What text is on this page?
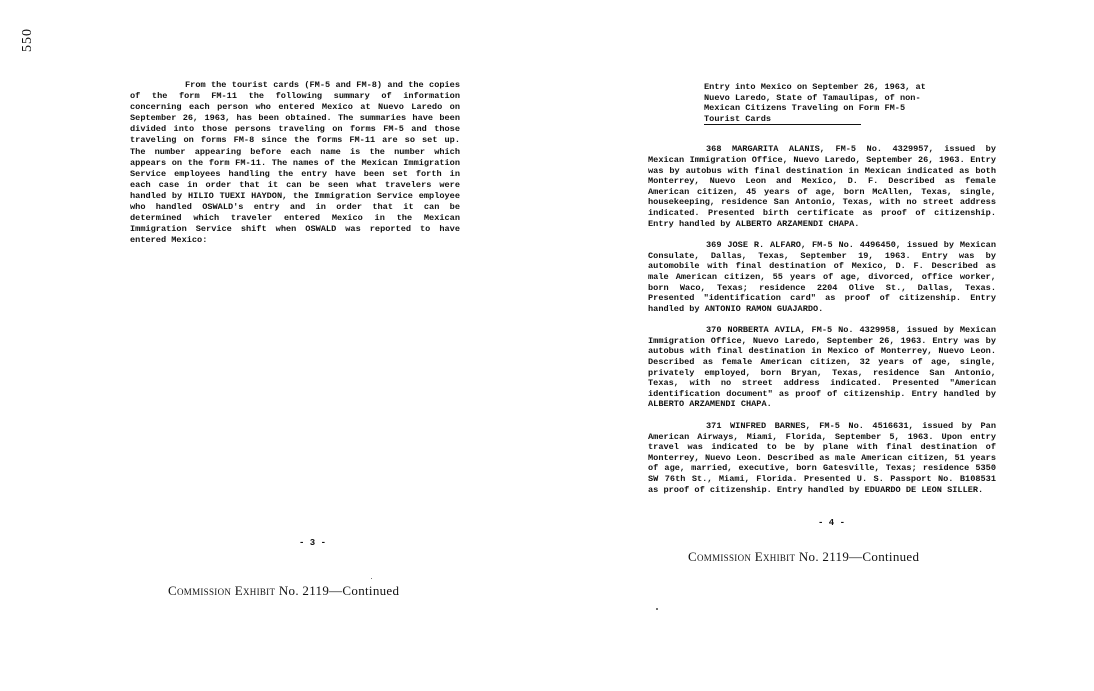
550

From the tourist cards (FM-5 and FM-8) and the copies of the form FM-11 the following summary of information concerning each person who entered Mexico at Nuevo Laredo on September 26, 1963, has been obtained. The summaries have been divided into those persons traveling on forms FM-5 and those traveling on forms FM-8 since the forms FM-11 are so set up. The number appearing before each name is the number which appears on the form FM-11. The names of the Mexican Immigration Service employees handling the entry have been set forth in each case in order that it can be seen what travelers were handled by HILIO TUEXI HAYDON, the Immigration Service employee who handled OSWALD's entry and in order that it can be determined which traveler entered Mexico in the Mexican Immigration Service shift when OSWALD was reported to have entered Mexico:

- 3 -
Commission Exhibit No. 2119—Continued
Entry into Mexico on September 26, 1963, at
Nuevo Laredo, State of Tamaulipas, of non-
Mexican Citizens Traveling on Form FM-5
Tourist Cards
368 MARGARITA ALANIS, FM-5 No. 4329957, issued by Mexican Immigration Office, Nuevo Laredo, September 26, 1963. Entry was by autobus with final destination in Mexican indicated as both Monterrey, Nuevo Leon and Mexico, D. F. Described as female American citizen, 45 years of age, born McAllen, Texas, single, housekeeping, residence San Antonio, Texas, with no street address indicated. Presented birth certificate as proof of citizenship. Entry handled by ALBERTO ARZAMENDI CHAPA.
369 JOSE R. ALFARO, FM-5 No. 4496450, issued by Mexican Consulate, Dallas, Texas, September 19, 1963. Entry was by automobile with final destination of Mexico, D. F. Described as male American citizen, 55 years of age, divorced, office worker, born Waco, Texas; residence 2204 Olive St., Dallas, Texas. Presented "identification card" as proof of citizenship. Entry handled by ANTONIO RAMON GUAJARDO.
370 NORBERTA AVILA, FM-5 No. 4329958, issued by Mexican Immigration Office, Nuevo Laredo, September 26, 1963. Entry was by autobus with final destination in Mexico of Monterrey, Nuevo Leon. Described as female American citizen, 32 years of age, single, privately employed, born Bryan, Texas, residence San Antonio, Texas, with no street address indicated. Presented "American identification document" as proof of citizenship. Entry handled by ALBERTO ARZAMENDI CHAPA.
371 WINFRED BARNES, FM-5 No. 4516631, issued by Pan American Airways, Miami, Florida, September 5, 1963. Upon entry travel was indicated to be by plane with final destination of Monterrey, Nuevo Leon. Described as male American citizen, 51 years of age, married, executive, born Gatesville, Texas; residence 5350 SW 76th St., Miami, Florida. Presented U. S. Passport No. B108531 as proof of citizenship. Entry handled by EDUARDO DE LEON SILLER.
- 4 -
Commission Exhibit No. 2119—Continued
